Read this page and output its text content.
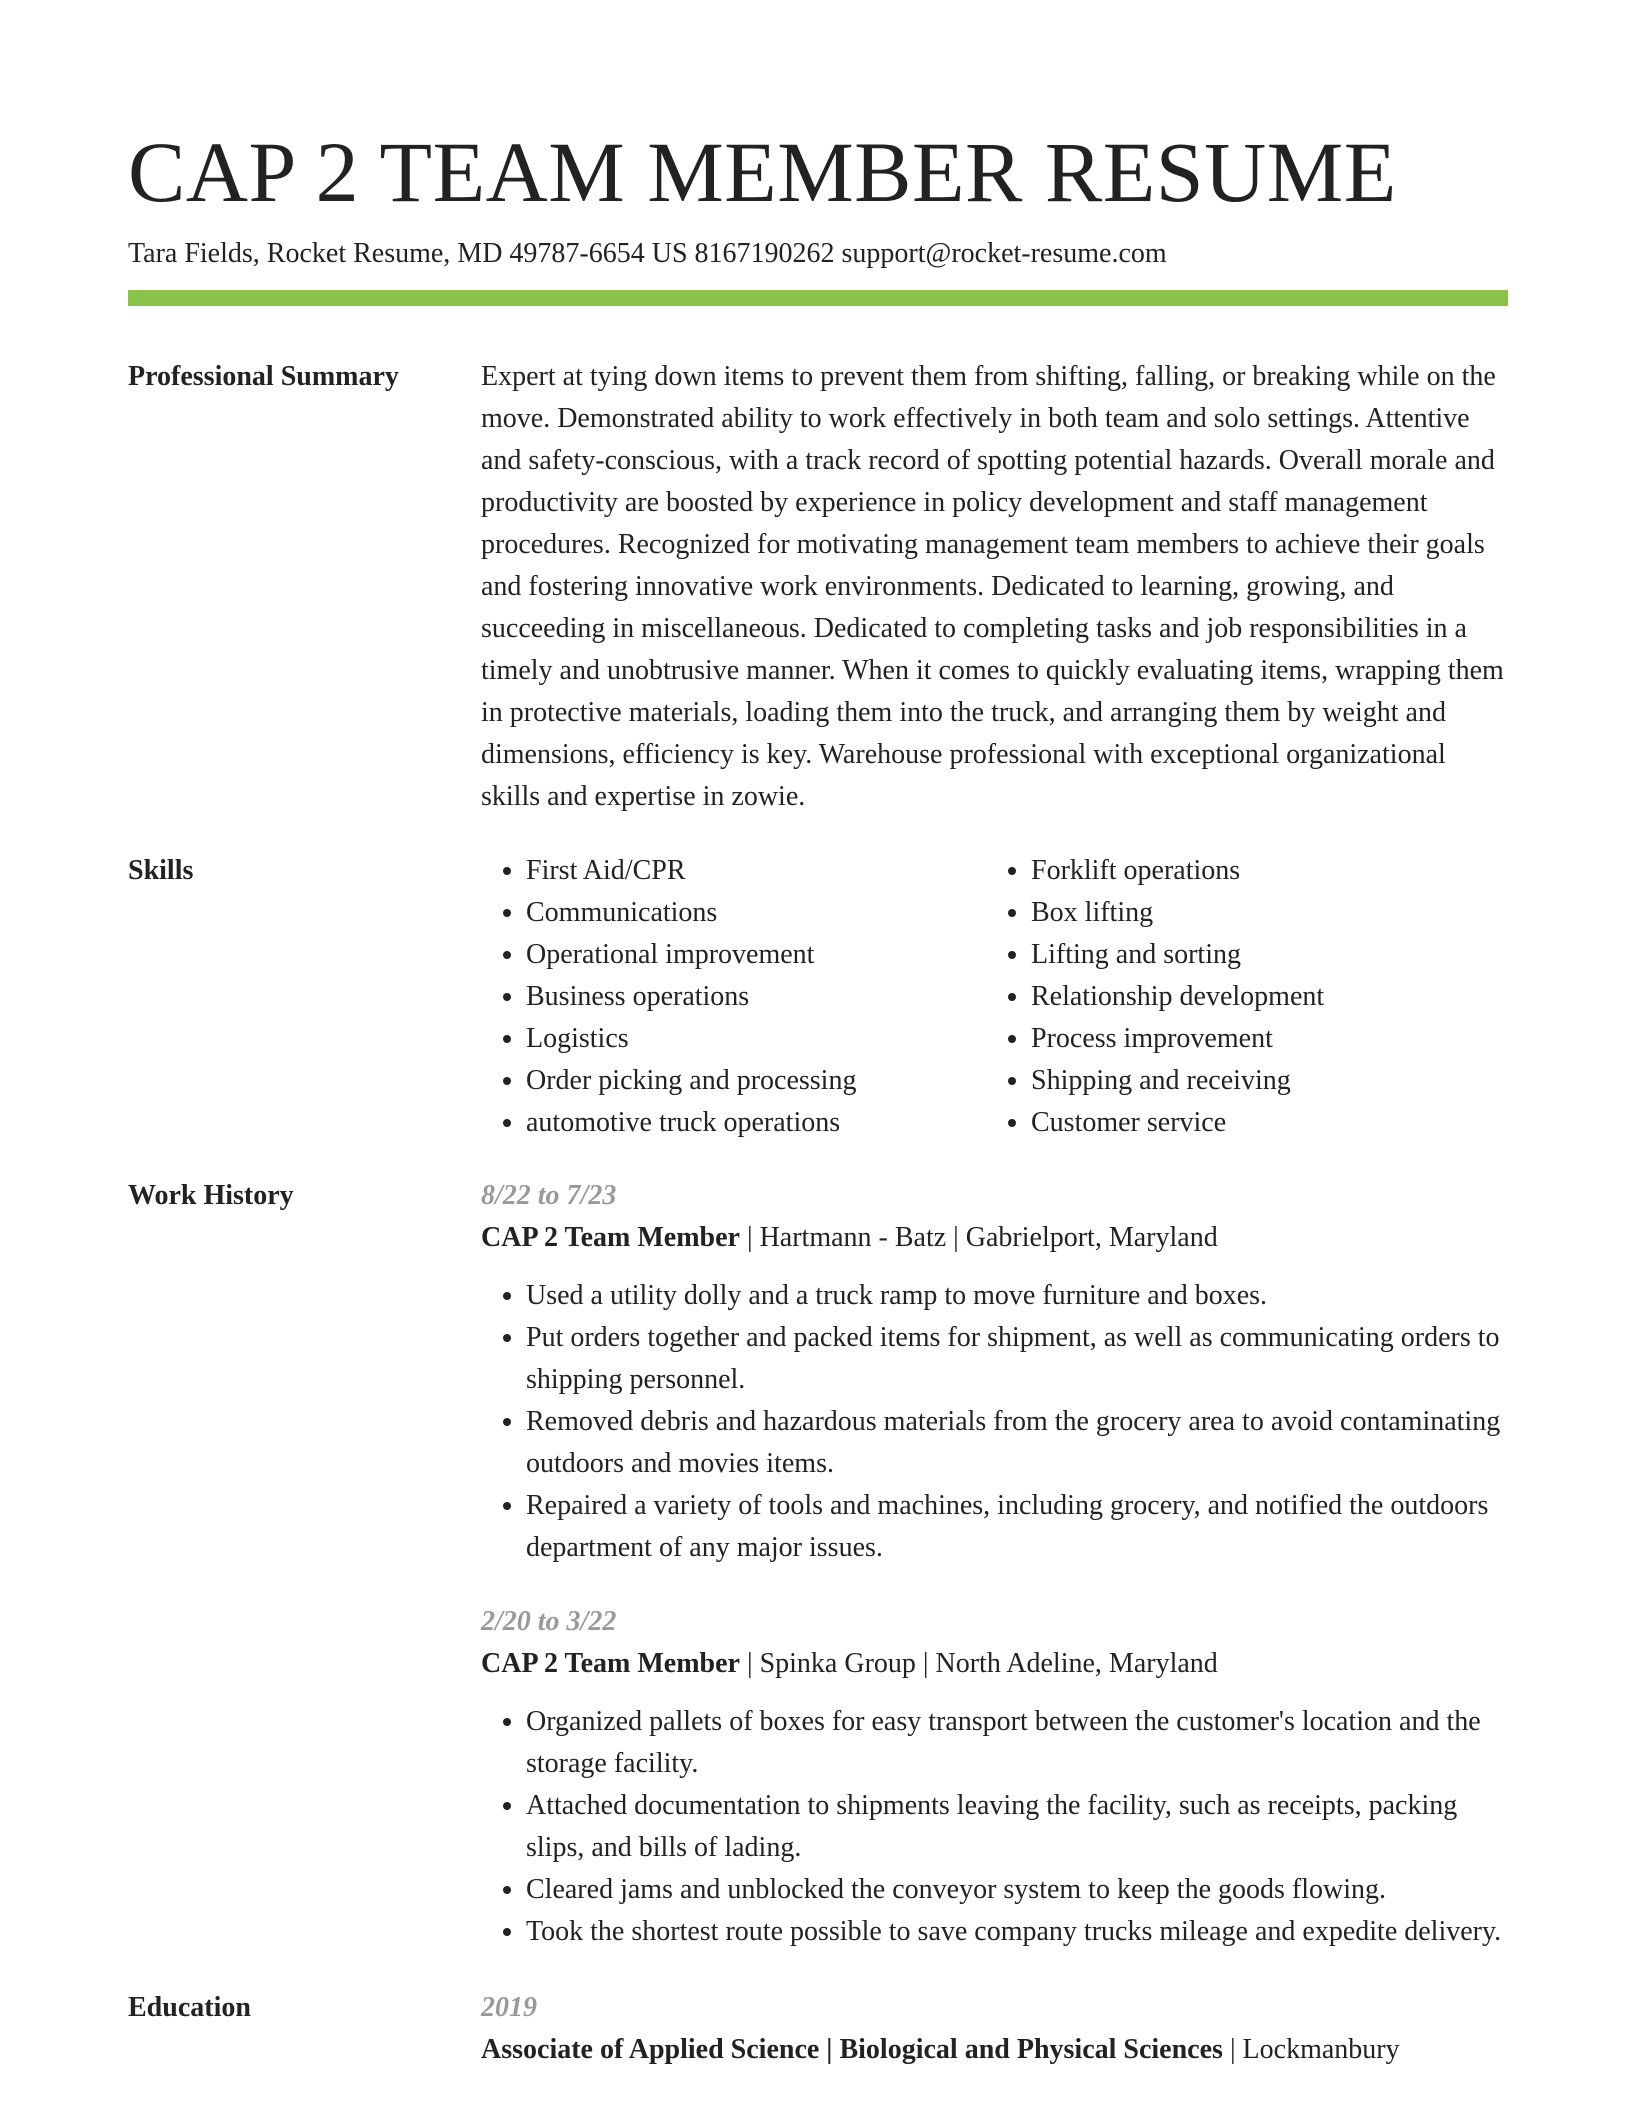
CAP 2 TEAM MEMBER RESUME
Tara Fields, Rocket Resume, MD 49787-6654 US 8167190262 support@rocket-resume.com
Professional Summary	Expert at tying down items to prevent them from shifting, falling, or breaking while on the move. Demonstrated ability to work effectively in both team and solo settings. Attentive and safety-conscious, with a track record of spotting potential hazards. Overall morale and productivity are boosted by experience in policy development and staff management procedures. Recognized for motivating management team members to achieve their goals and fostering innovative work environments. Dedicated to learning, growing, and succeeding in miscellaneous. Dedicated to completing tasks and job responsibilities in a timely and unobtrusive manner. When it comes to quickly evaluating items, wrapping them in protective materials, loading them into the truck, and arranging them by weight and dimensions, efficiency is key. Warehouse professional with exceptional organizational skills and expertise in zowie.

Skills
•	First Aid/CPR
• Communications
• Operational improvement
• Business operations
• Logistics
• Order picking and processing
• automotive truck operations
• Forklift operations
• Box lifting
• Lifting and sorting
• Relationship development
• Process improvement
• Shipping and receiving
• Customer service
Work History	8/22 to 7/23
CAP 2 Team Member | Hartmann - Batz | Gabrielport, Maryland
• Used a utility dolly and a truck ramp to move furniture and boxes.
• Put orders together and packed items for shipment, as well as communicating orders to shipping personnel.
• Removed debris and hazardous materials from the grocery area to avoid contaminating outdoors and movies items.
• Repaired a variety of tools and machines, including grocery, and notified the outdoors department of any major issues.
2/20 to 3/22
CAP 2 Team Member | Spinka Group | North Adeline, Maryland
• Organized pallets of boxes for easy transport between the customer's location and the storage facility.
• Attached documentation to shipments leaving the facility, such as receipts, packing slips, and bills of lading.
• Cleared jams and unblocked the conveyor system to keep the goods flowing.
• Took the shortest route possible to save company trucks mileage and expedite delivery.
Education	2019
Associate of Applied Science | Biological and Physical Sciences | Lockmanbury
